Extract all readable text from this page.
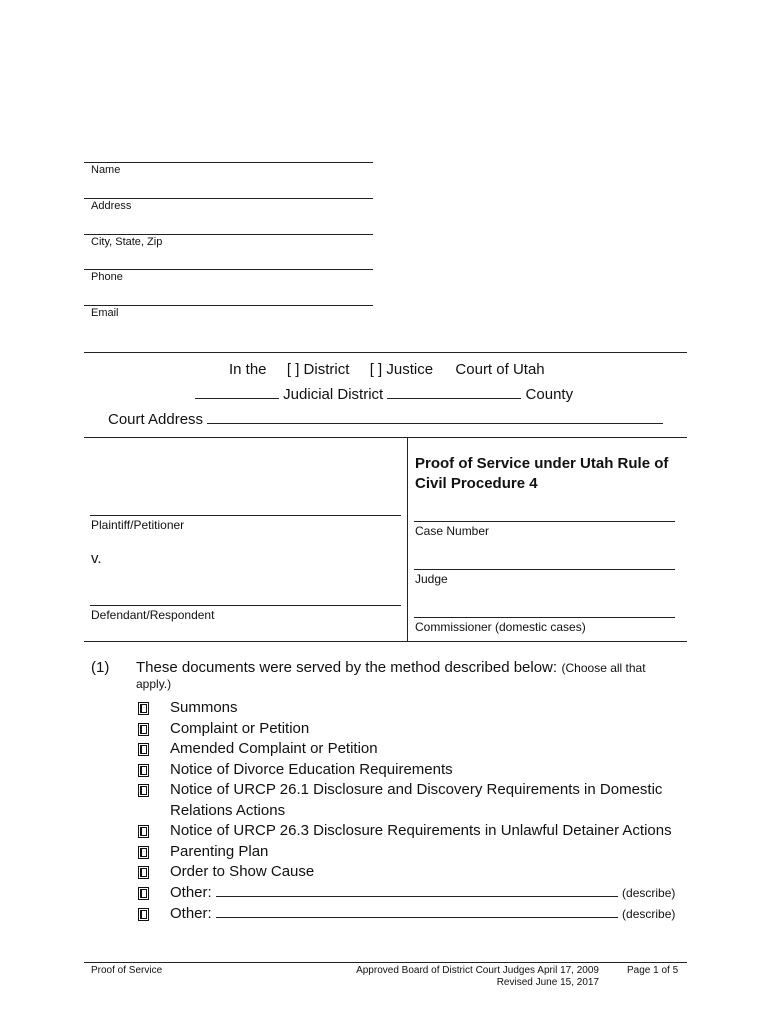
Name
Address
City, State, Zip
Phone
Email
In the [ ] District [ ] Justice Court of Utah
Judicial District	County
Court Address
Plaintiff/Petitioner
v.
Defendant/Respondent
Proof of Service under Utah Rule of Civil Procedure 4
Case Number
Judge
Commissioner (domestic cases)
(1) These documents were served by the method described below: (Choose all that
apply.)
Summons
Complaint or Petition
Amended Complaint or Petition
Notice of Divorce Education Requirements
Notice of URCP 26.1 Disclosure and Discovery Requirements in Domestic
Relations Actions
Notice of URCP 26.3 Disclosure Requirements in Unlawful Detainer Actions
Parenting Plan
Order to Show Cause
Other:	(describe)
Other:	(describe)
Proof of Service	Approved Board of District Court Judges April 17, 2009
Revised June 15, 2017
Page 1 of 5
